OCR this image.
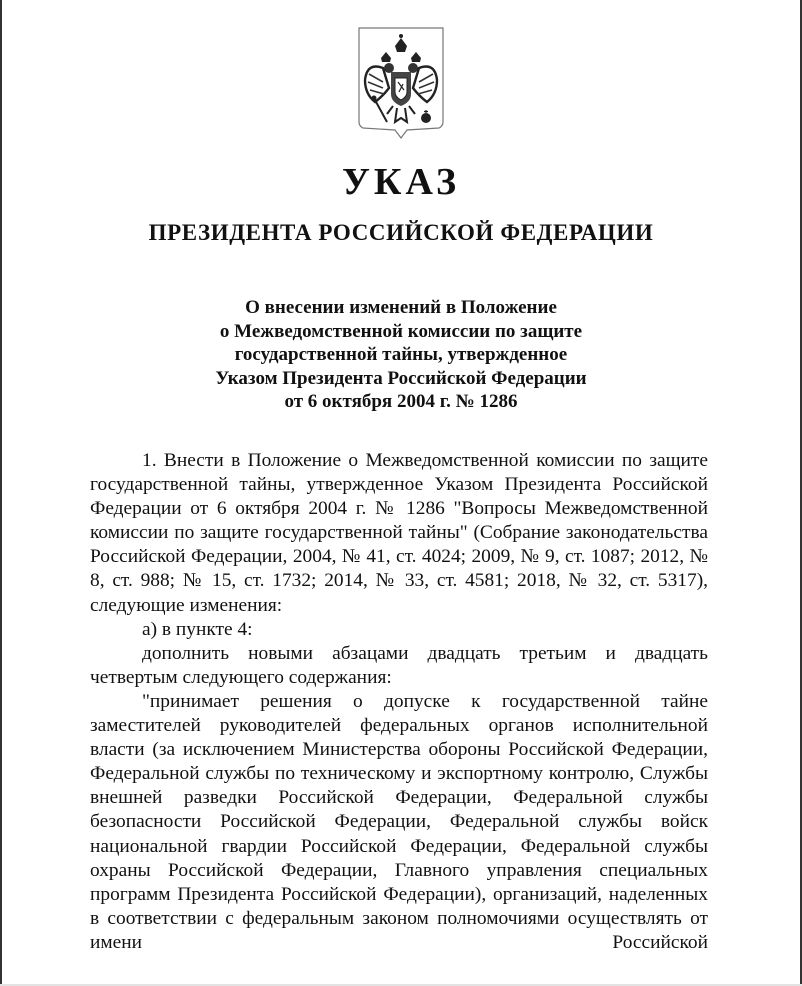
УКАЗ
ПРЕЗИДЕНТА РОССИЙСКОЙ ФЕДЕРАЦИИ
О внесении изменений в Положение
о Межведомственной комиссии по защите
государственной тайны, утвержденное
Указом Президента Российской Федерации
от 6 октября 2004 г. № 1286

1. Внести в Положение о Межведомственной комиссии по защите государственной тайны, утвержденное Указом Президента Российской Федерации от 6 октября 2004 г. № 1286 "Вопросы Межведомственной комиссии по защите государственной тайны" (Собрание законодательства Российской Федерации, 2004, № 41, ст. 4024; 2009, № 9, ст. 1087; 2012, № 8, ст. 988; № 15, ст. 1732; 2014, № 33, ст. 4581; 2018, № 32, ст. 5317), следующие изменения:

а) в пункте 4:

дополнить новыми абзацами двадцать третьим и двадцать четвертым следующего содержания:

"принимает решения о допуске к государственной тайне заместителей руководителей федеральных органов исполнительной власти (за исключением Министерства обороны Российской Федерации, Федеральной службы по техническому и экспортному контролю, Службы внешней разведки Российской Федерации, Федеральной службы безопасности Российской Федерации, Федеральной службы войск национальной гвардии Российской Федерации, Федеральной службы охраны Российской Федерации, Главного управления специальных программ Президента Российской Федерации), организаций, наделенных в соответствии с федеральным законом полномочиями осуществлять от имени Российской
